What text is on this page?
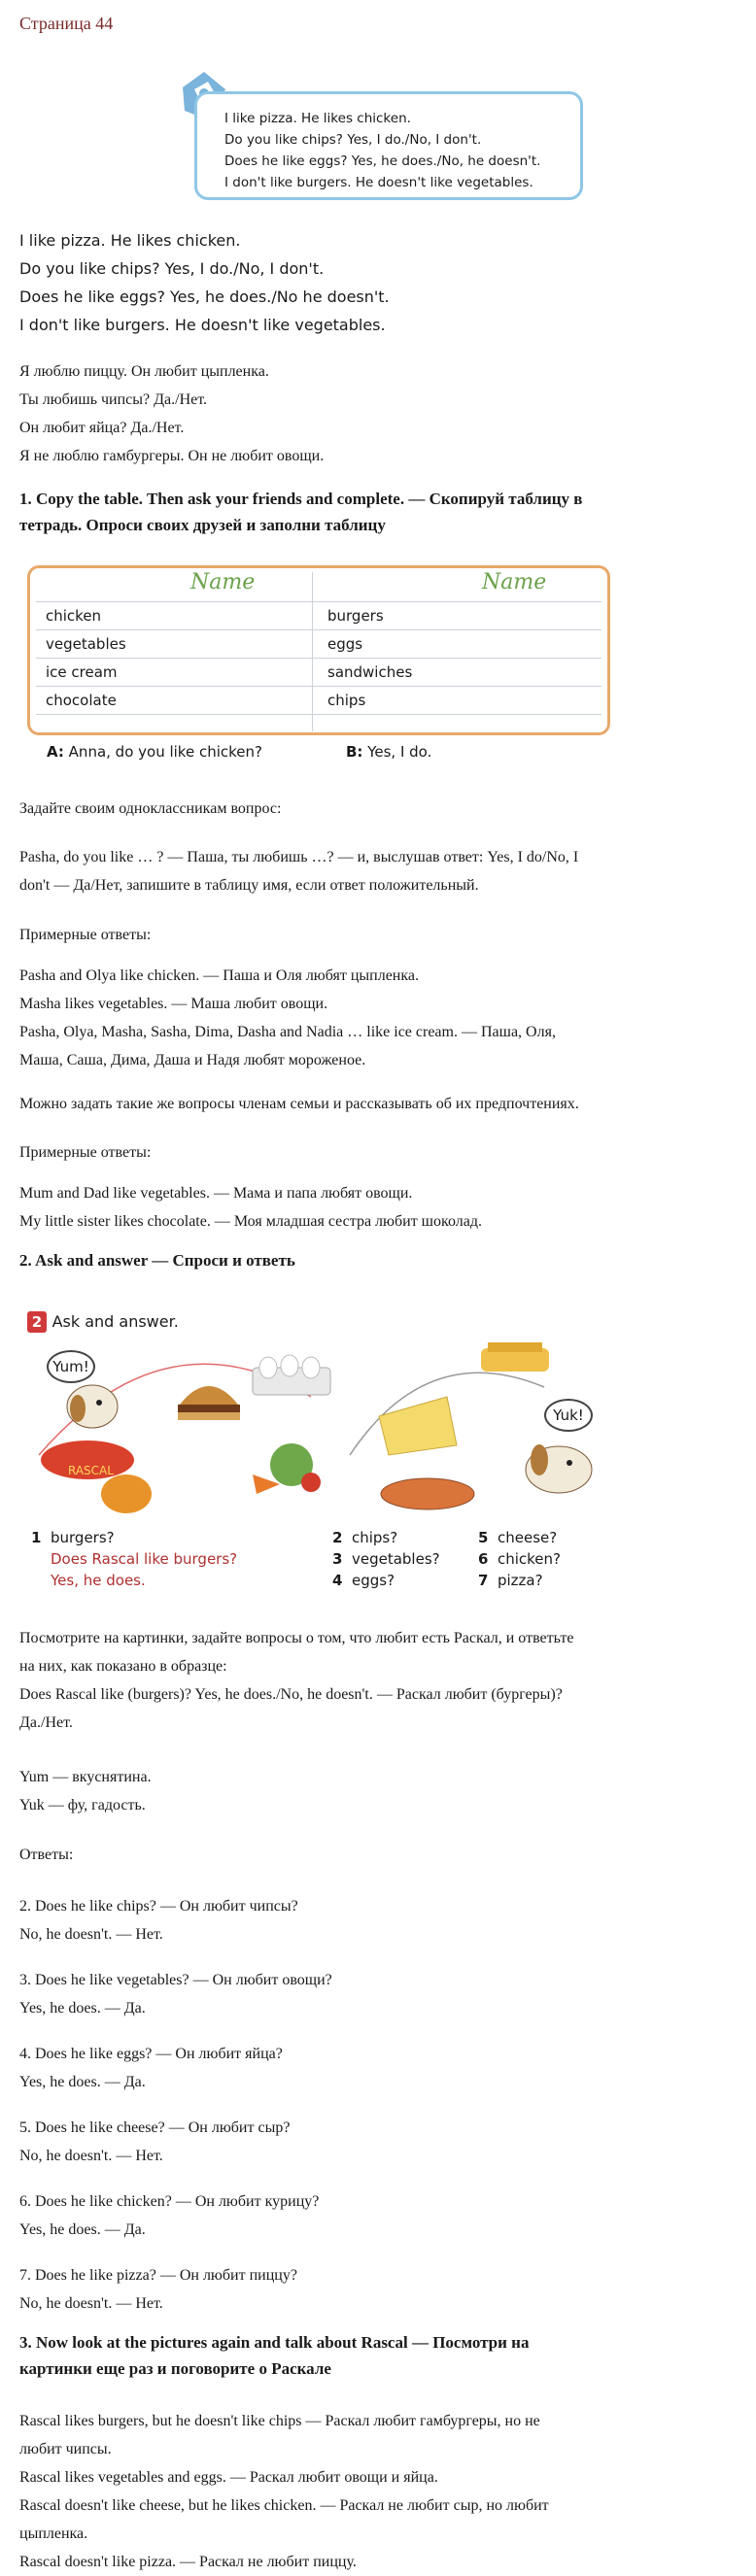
Страница 44
I like pizza. He likes chicken.
Do you like chips? Yes, I do./No, I don't.
Does he like eggs? Yes, he does./No, he doesn't.
I don't like burgers. He doesn't like vegetables.
I like pizza. He likes chicken.
Do you like chips? Yes, I do./No, I don't.
Does he like eggs? Yes, he does./No he doesn't.
I don't like burgers. He doesn't like vegetables.
Я люблю пиццу. Он любит цыпленка.
Ты любишь чипсы? Да./Нет.
Он любит яйца? Да./Нет.
Я не люблю гамбургеры. Он не любит овощи.
1. Copy the table. Then ask your friends and complete. — Скопируй таблицу в
тетрадь. Опроси своих друзей и заполни таблицу
Name	Name
chicken
vegetables
ice cream
chocolate
burgers
eggs
sandwiches
chips
A: Anna, do you like chicken?	B: Yes, I do.
Задайте своим одноклассникам вопрос:
Pasha, do you like … ? — Паша, ты любишь …? — и, выслушав ответ: Yes, I do/No, I
don't — Да/Нет, запишите в таблицу имя, если ответ положительный.
Примерные ответы:
Pasha and Olya like chicken. — Паша и Оля любят цыпленка.
Masha likes vegetables. — Маша любит овощи.
Pasha, Olya, Masha, Sasha, Dima, Dasha and Nadia … like ice cream. — Паша, Оля,
Маша, Саша, Дима, Даша и Надя любят мороженое.
Можно задать такие же вопросы членам семьи и рассказывать об их предпочтениях.
Примерные ответы:
Mum and Dad like vegetables. — Мама и папа любят овощи.
My little sister likes chocolate. — Моя младшая сестра любит шоколад.
2. Ask and answer — Спроси и ответь
2 Ask and answer.
RASCAL
Yum!
Yuk!
1 burgers?
Does Rascal like burgers?
Yes, he does.
2 chips?
3 vegetables?
4 eggs?
5 cheese?
6 chicken?
7 pizza?
Посмотрите на картинки, задайте вопросы о том, что любит есть Раскал, и ответьте
на них, как показано в образце:
Does Rascal like (burgers)? Yes, he does./No, he doesn't. — Раскал любит (бургеры)?
Да./Нет.
Yum — вкуснятина.
Yuk — фу, гадость.
Ответы:
2. Does he like chips? — Он любит чипсы?
No, he doesn't. — Нет.
3. Does he like vegetables? — Он любит овощи?
Yes, he does. — Да.
4. Does he like eggs? — Он любит яйца?
Yes, he does. — Да.
5. Does he like cheese? — Он любит сыр?
No, he doesn't. — Нет.
6. Does he like chicken? — Он любит курицу?
Yes, he does. — Да.
7. Does he like pizza? — Он любит пиццу?
No, he doesn't. — Нет.
3. Now look at the pictures again and talk about Rascal — Посмотри на
картинки еще раз и поговорите о Раскале
Rascal likes burgers, but he doesn't like chips — Раскал любит гамбургеры, но не
любит чипсы.
Rascal likes vegetables and eggs. — Раскал любит овощи и яйца.
Rascal doesn't like cheese, but he likes chicken. — Раскал не любит сыр, но любит
цыпленка.
Rascal doesn't like pizza. — Раскал не любит пиццу.
